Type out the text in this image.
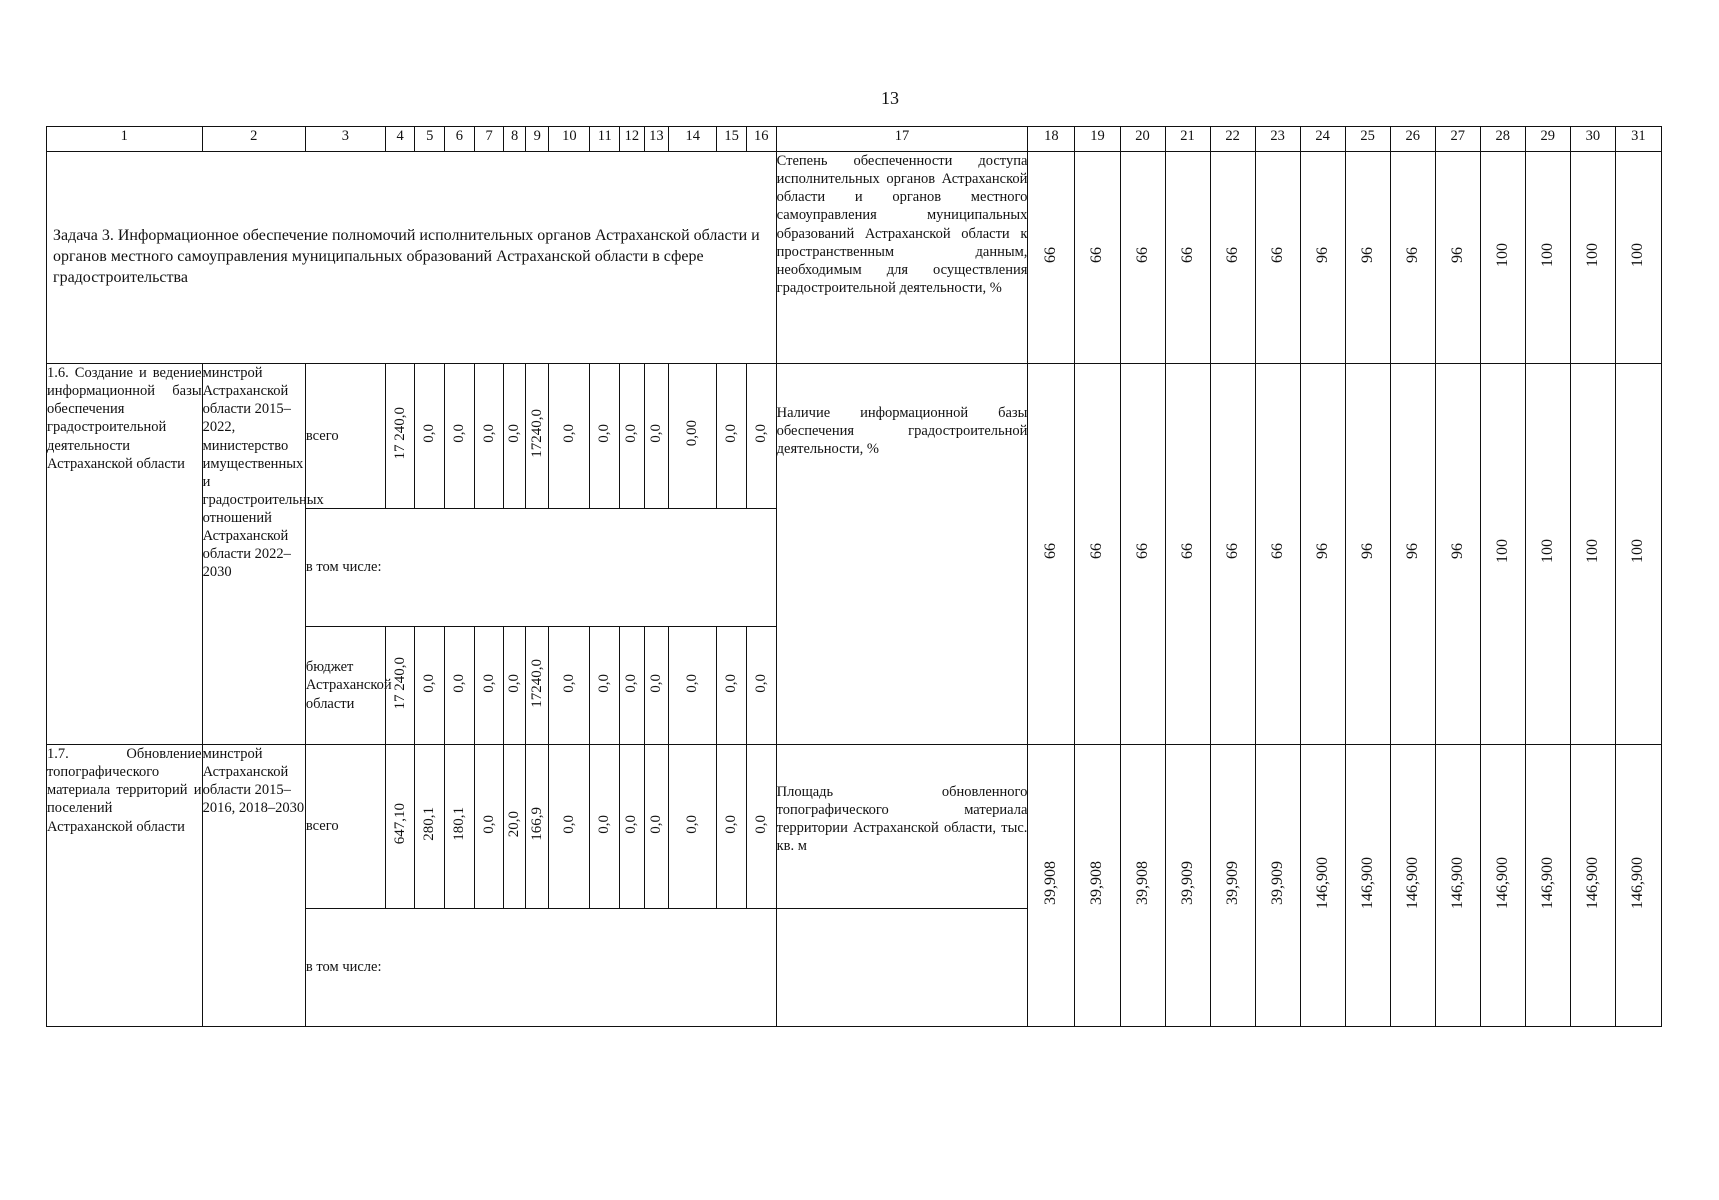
13
1	2	3	4	5	6	7	8	9	10	11	12	13	14	15	16	17	18	19	20	21	22	23	24	25	26	27	28	29	30	31
Задача 3. Информационное обеспечение полномочий исполнительных органов Астраханской области и органов местного самоуправления муниципальных образований Астраханской области в сфере градостроительства																Степень обеспеченности доступа исполнительных органов Астраханской области и органов местного самоуправления муниципальных образований Астраханской области к пространственным данным, необходимым для осуществления градостроительной деятельности, %	66	66	66	66	66	66	96	96	96	96	100	100	100	100
1.6. Создание и ведение информационной базы обеспечения градостроительной деятельности Астраханской области	минстрой Астраханской области 2015–2022, министерство имущественных и градостроительных отношений Астраханской области 2022–2030	всего	17 240,0	0,0	0,0	0,0	0,0	17240,0	0,0	0,0	0,0	0,0	0,00	0,0	0,0	Наличие информационной базы обеспечения градостроительной деятельности, %	66	66	66	66	66	66	96	96	96	96	100	100	100	100
		в том числе:																												
		бюджет Астраханской области	17 240,0	0,0	0,0	0,0	0,0	17240,0	0,0	0,0	0,0	0,0	0,0	0,0	0,0															
1.7. Обновление топографического материала территорий и поселений Астраханской области	минстрой Астраханской области 2015–2016, 2018–2030	всего	647,10	280,1	180,1	0,0	20,0	166,9	0,0	0,0	0,0	0,0	0,0	0,0	0,0	Площадь обновленного топографического материала территории Астраханской области, тыс. кв. м	39,908	39,908	39,908	39,909	39,909	39,909	146,900	146,900	146,900	146,900	146,900	146,900	146,900	146,900
		в том числе:																												
